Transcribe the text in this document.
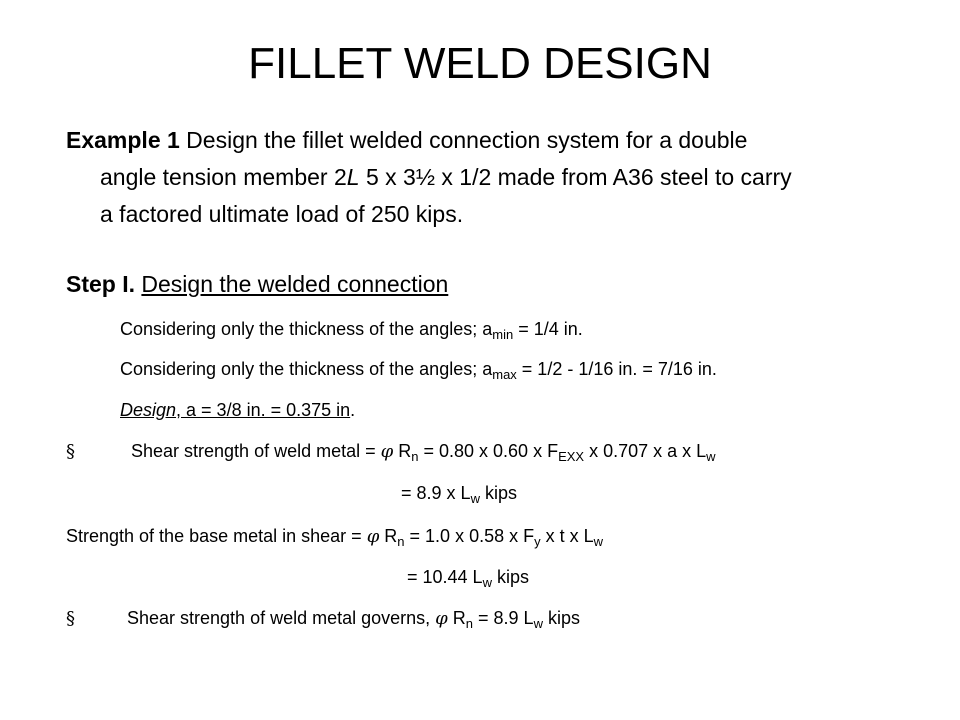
FILLET WELD DESIGN
Example 1 Design the fillet welded connection system for a double
angle tension member 2L 5 x 3½ x 1/2 made from A36 steel to carry
a factored ultimate load of 250 kips.
Step I. Design the welded connection
Considering only the thickness of the angles; $a_{min} = 1/4$ in.
Considering only the thickness of the angles; $a_{max} = 1/2 - 1/16$ in. = 7/16 in.
Design, a = 3/8 in. = 0.375 in.
§	Shear strength of weld metal = φ $R_n = 0.80$ x 0.60 x $F_{EXX}$ x 0.707 x a x $L_w$
= 8.9 x $L_w$ kips
Strength of the base metal in shear = φ $R_n = 1.0$ x 0.58 x $F_y$ x t x $L_w$
= 10.44 $L_w$ kips
§	Shear strength of weld metal governs, φ $R_n = 8.9$ $L_w$ kips
